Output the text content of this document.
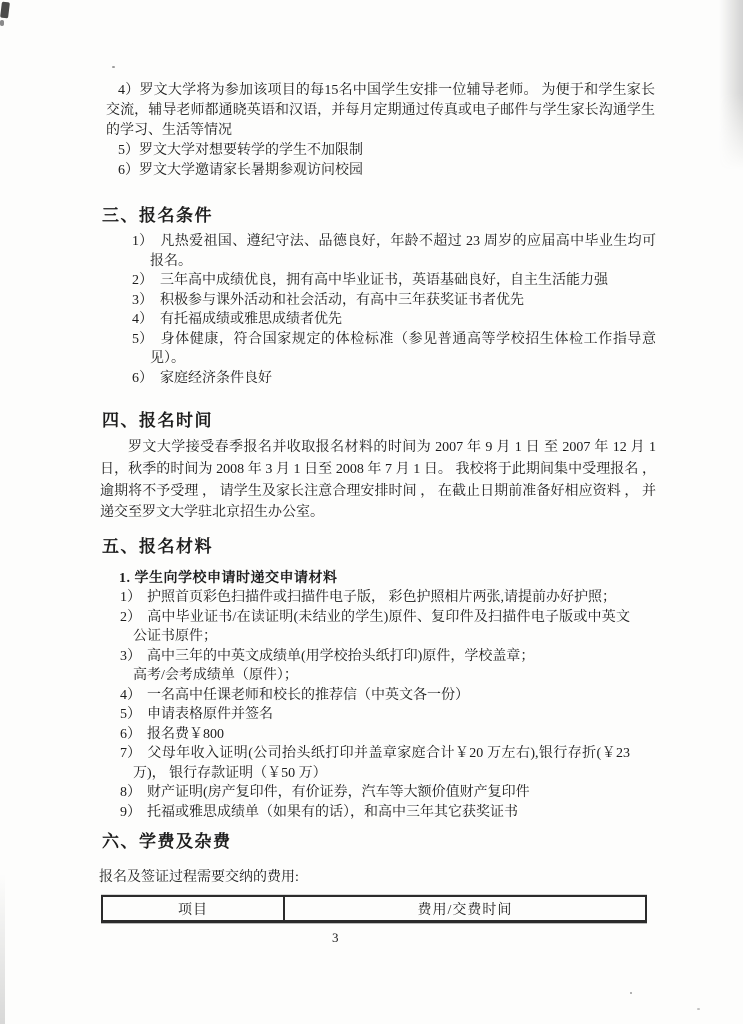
4）罗文大学将为参加该项目的每15名中国学生安排一位辅导老师。 为便于和学生家长交流，辅导老师都通晓英语和汉语，并每月定期通过传真或电子邮件与学生家长沟通学生的学习、生活等情况
5）罗文大学对想要转学的学生不加限制
6）罗文大学邀请家长暑期参观访问校园
三、报名条件
1） 凡热爱祖国、遵纪守法、品德良好，年龄不超过 23 周岁的应届高中毕业生均可报名。
2） 三年高中成绩优良，拥有高中毕业证书，英语基础良好，自主生活能力强
3） 积极参与课外活动和社会活动，有高中三年获奖证书者优先
4） 有托福成绩或雅思成绩者优先
5） 身体健康，符合国家规定的体检标准（参见普通高等学校招生体检工作指导意见）。
6） 家庭经济条件良好
四、报名时间
罗文大学接受春季报名并收取报名材料的时间为 2007 年 9 月 1 日 至 2007 年 12 月 1 日，秋季的时间为 2008 年 3 月 1 日至 2008 年 7 月 1 日。 我校将于此期间集中受理报名 ， 逾期将不予受理 ， 请学生及家长注意合理安排时间 ， 在截止日期前准备好相应资料 ， 并递交至罗文大学驻北京招生办公室。
五、报名材料
1. 学生向学校申请时递交申请材料
1） 护照首页彩色扫描件或扫描件电子版， 彩色护照相片两张,请提前办好护照；
2） 高中毕业证书/在读证明(未结业的学生)原件、复印件及扫描件电子版或中英文公证书原件；
3） 高中三年的中英文成绩单(用学校抬头纸打印)原件，学校盖章；
高考/会考成绩单（原件）；
4） 一名高中任课老师和校长的推荐信（中英文各一份）
5） 申请表格原件并签名
6） 报名费￥800
7） 父母年收入证明(公司抬头纸打印并盖章家庭合计￥20 万左右),银行存折(￥23 万)， 银行存款证明（￥50 万）
8） 财产证明(房产复印件，有价证券，汽车等大额价值财产复印件
9） 托福或雅思成绩单（如果有的话），和高中三年其它获奖证书
六、学费及杂费
报名及签证过程需要交纳的费用:
项目	费用/交费时间
3
